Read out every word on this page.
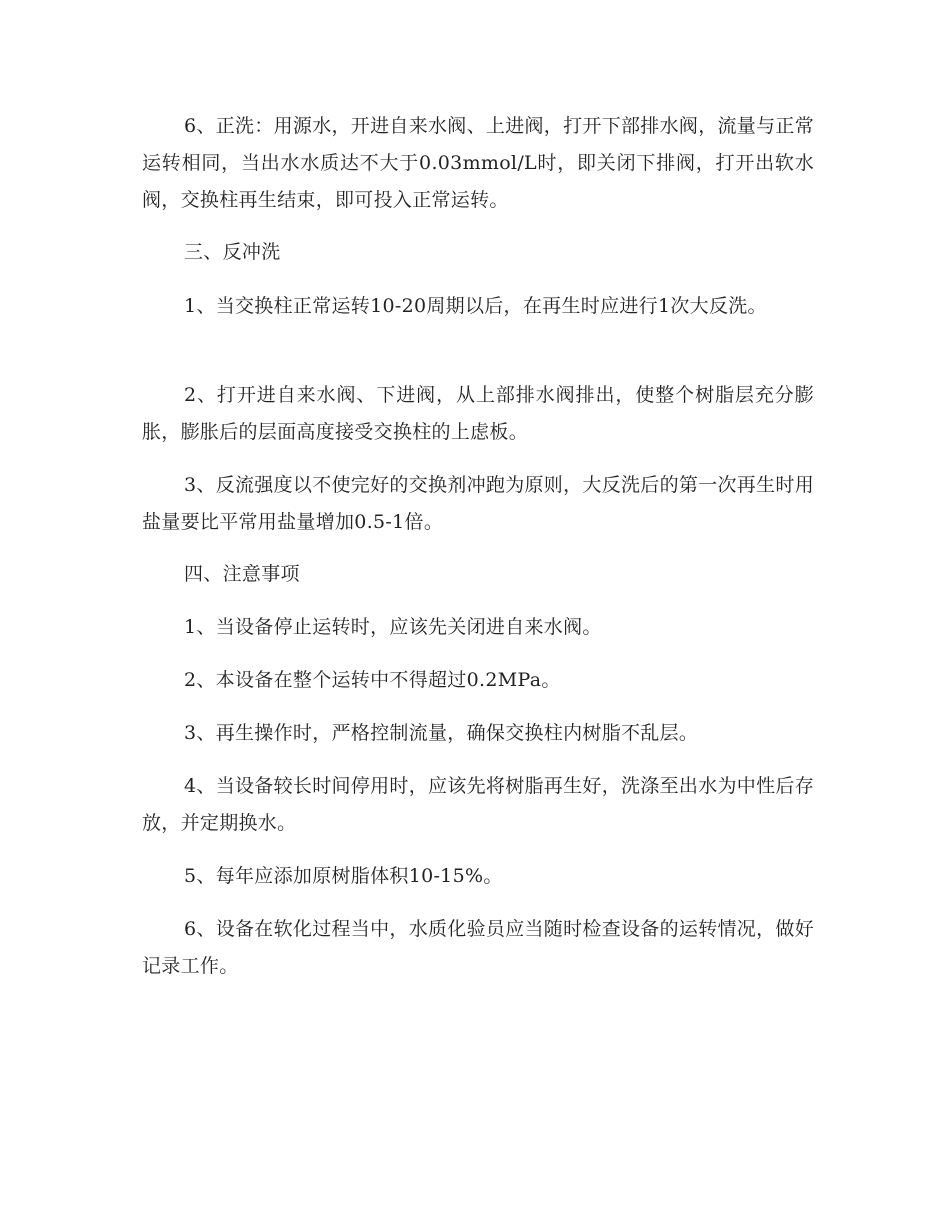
6、正洗：用源水，开进自来水阀、上进阀，打开下部排水阀，流量与正常运转相同，当出水水质达不大于0.03mmol/L时，即关闭下排阀，打开出软水阀，交换柱再生结束，即可投入正常运转。

三、反冲洗

1、当交换柱正常运转10-20周期以后，在再生时应进行1次大反洗。

2、打开进自来水阀、下进阀，从上部排水阀排出，使整个树脂层充分膨胀，膨胀后的层面高度接受交换柱的上虑板。

3、反流强度以不使完好的交换剂冲跑为原则，大反洗后的第一次再生时用盐量要比平常用盐量增加0.5-1倍。

四、注意事项

1、当设备停止运转时，应该先关闭进自来水阀。

2、本设备在整个运转中不得超过0.2MPa。

3、再生操作时，严格控制流量，确保交换柱内树脂不乱层。

4、当设备较长时间停用时，应该先将树脂再生好，洗涤至出水为中性后存放，并定期换水。

5、每年应添加原树脂体积10-15%。

6、设备在软化过程当中，水质化验员应当随时检查设备的运转情况，做好记录工作。
